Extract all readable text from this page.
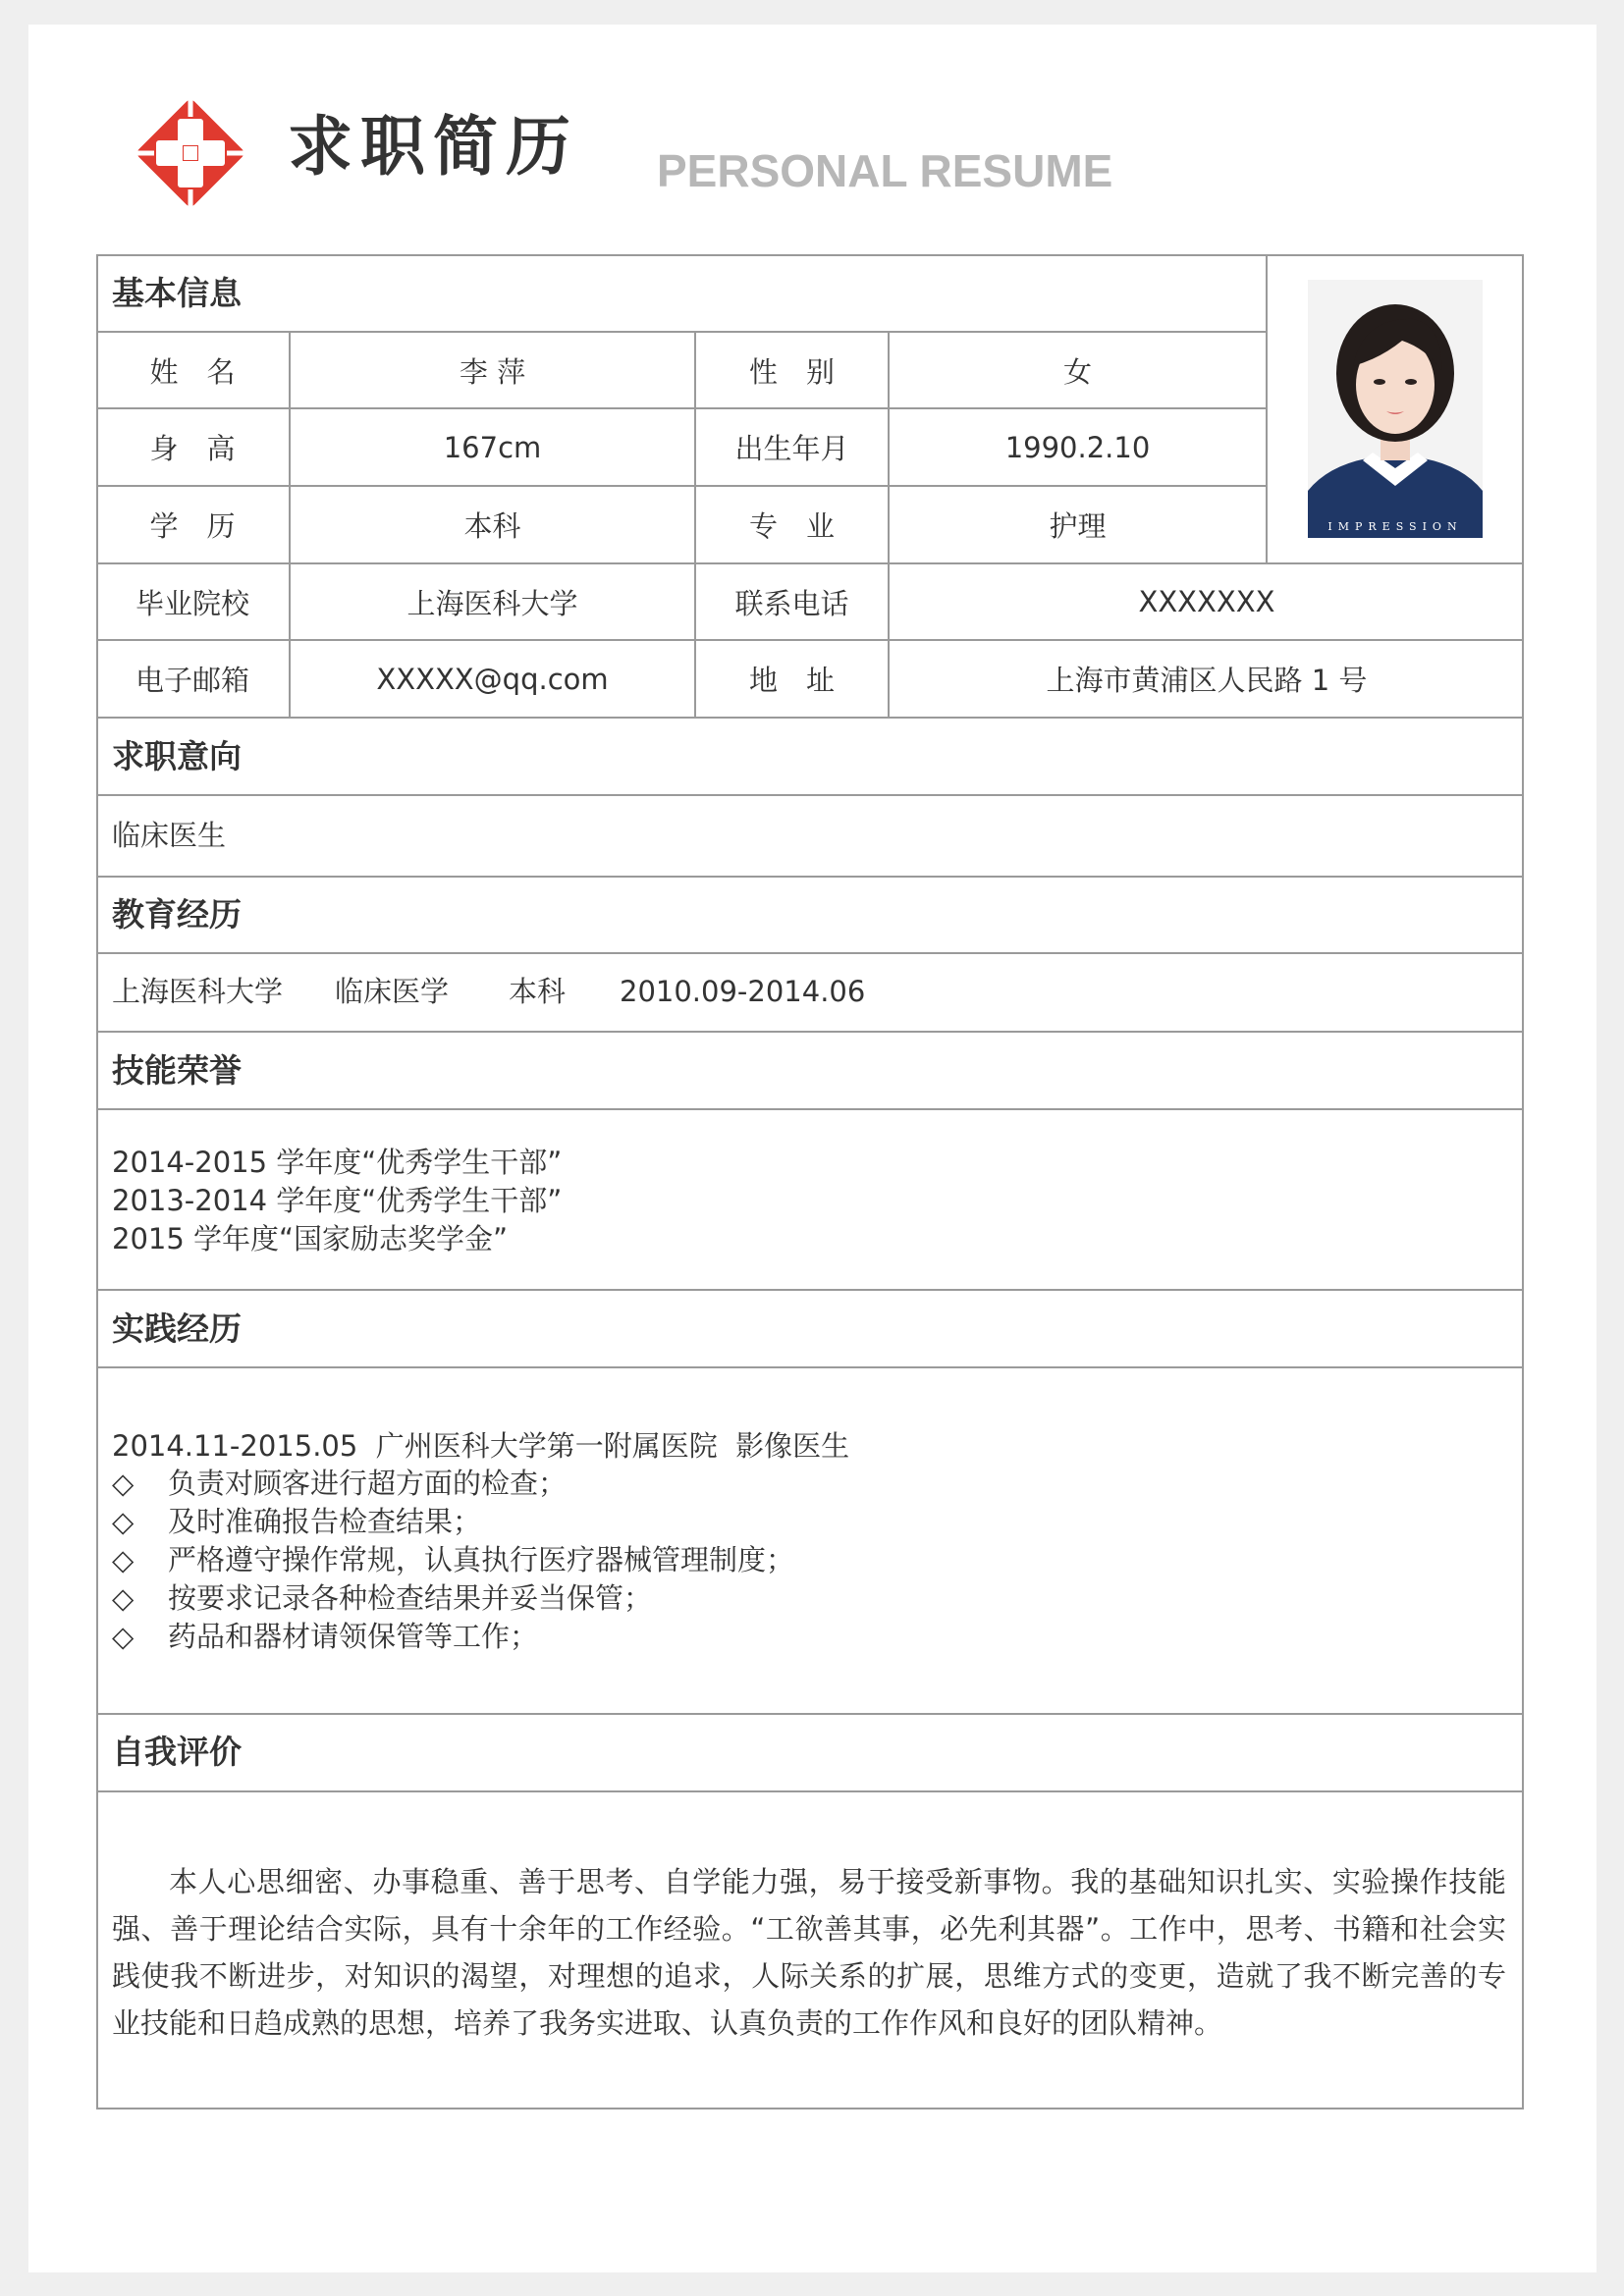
求职简历 PERSONAL RESUME
基本信息
姓　名	李 萍	性　别	女
身　高	167cm	出生年月	1990.2.10
学　历	本科	专　业	护理
毕业院校	上海医科大学	联系电话	XXXXXXX
电子邮箱	XXXXX@qq.com	地　址	上海市黄浦区人民路 1 号
IMPRESSION
求职意向
临床医生
教育经历
上海医科大学 临床医学 本科 2010.09-2014.06
技能荣誉
2014-2015 学年度“优秀学生干部”
2013-2014 学年度“优秀学生干部”
2015 学年度“国家励志奖学金”
实践经历
2014.11-2015.05  广州医科大学第一附属医院  影像医生
◇ 负责对顾客进行超方面的检查；
◇ 及时准确报告检查结果；
◇ 严格遵守操作常规，认真执行医疗器械管理制度；
◇ 按要求记录各种检查结果并妥当保管；
◇ 药品和器材请领保管等工作；
自我评价
本人心思细密、办事稳重、善于思考、自学能力强，易于接受新事物。我的基础知识扎实、实验操作技能强、善于理论结合实际，具有十余年的工作经验。“工欲善其事，必先利其器”。工作中，思考、书籍和社会实践使我不断进步，对知识的渴望，对理想的追求，人际关系的扩展，思维方式的变更，造就了我不断完善的专业技能和日趋成熟的思想，培养了我务实进取、认真负责的工作作风和良好的团队精神。
